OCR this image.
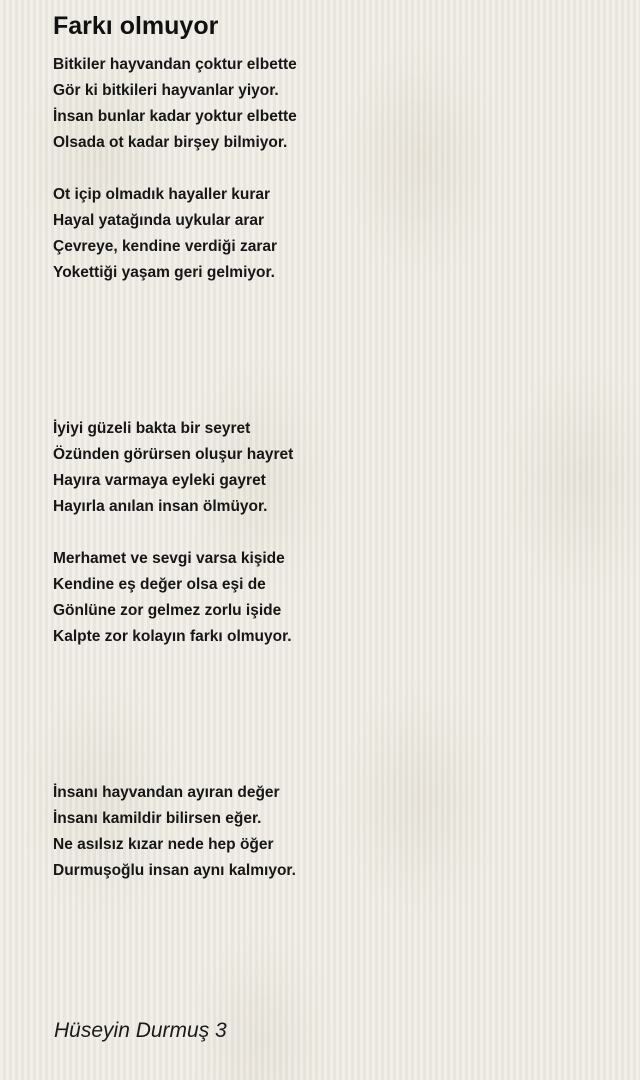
Farkı olmuyor
Bitkiler hayvandan çoktur elbette
Gör ki bitkileri hayvanlar yiyor.
İnsan bunlar kadar yoktur elbette
Olsada ot kadar birşey bilmiyor.
Ot içip olmadık hayaller kurar
Hayal yatağında uykular arar
Çevreye, kendine verdiği zarar
Yokettiği yaşam geri gelmiyor.
İyiyi güzeli bakta bir seyret
Özünden görürsen oluşur hayret
Hayıra varmaya eyleki gayret
Hayırla anılan insan ölmüyor.
Merhamet ve sevgi varsa kişide
Kendine eş değer olsa eşi de
Gönlüne zor gelmez zorlu işide
Kalpte zor kolayın farkı olmuyor.
İnsanı hayvandan ayıran değer
İnsanı kamildir bilirsen eğer.
Ne asılsız kızar nede hep öğer
Durmuşoğlu insan aynı kalmıyor.
Hüseyin Durmuş 3
